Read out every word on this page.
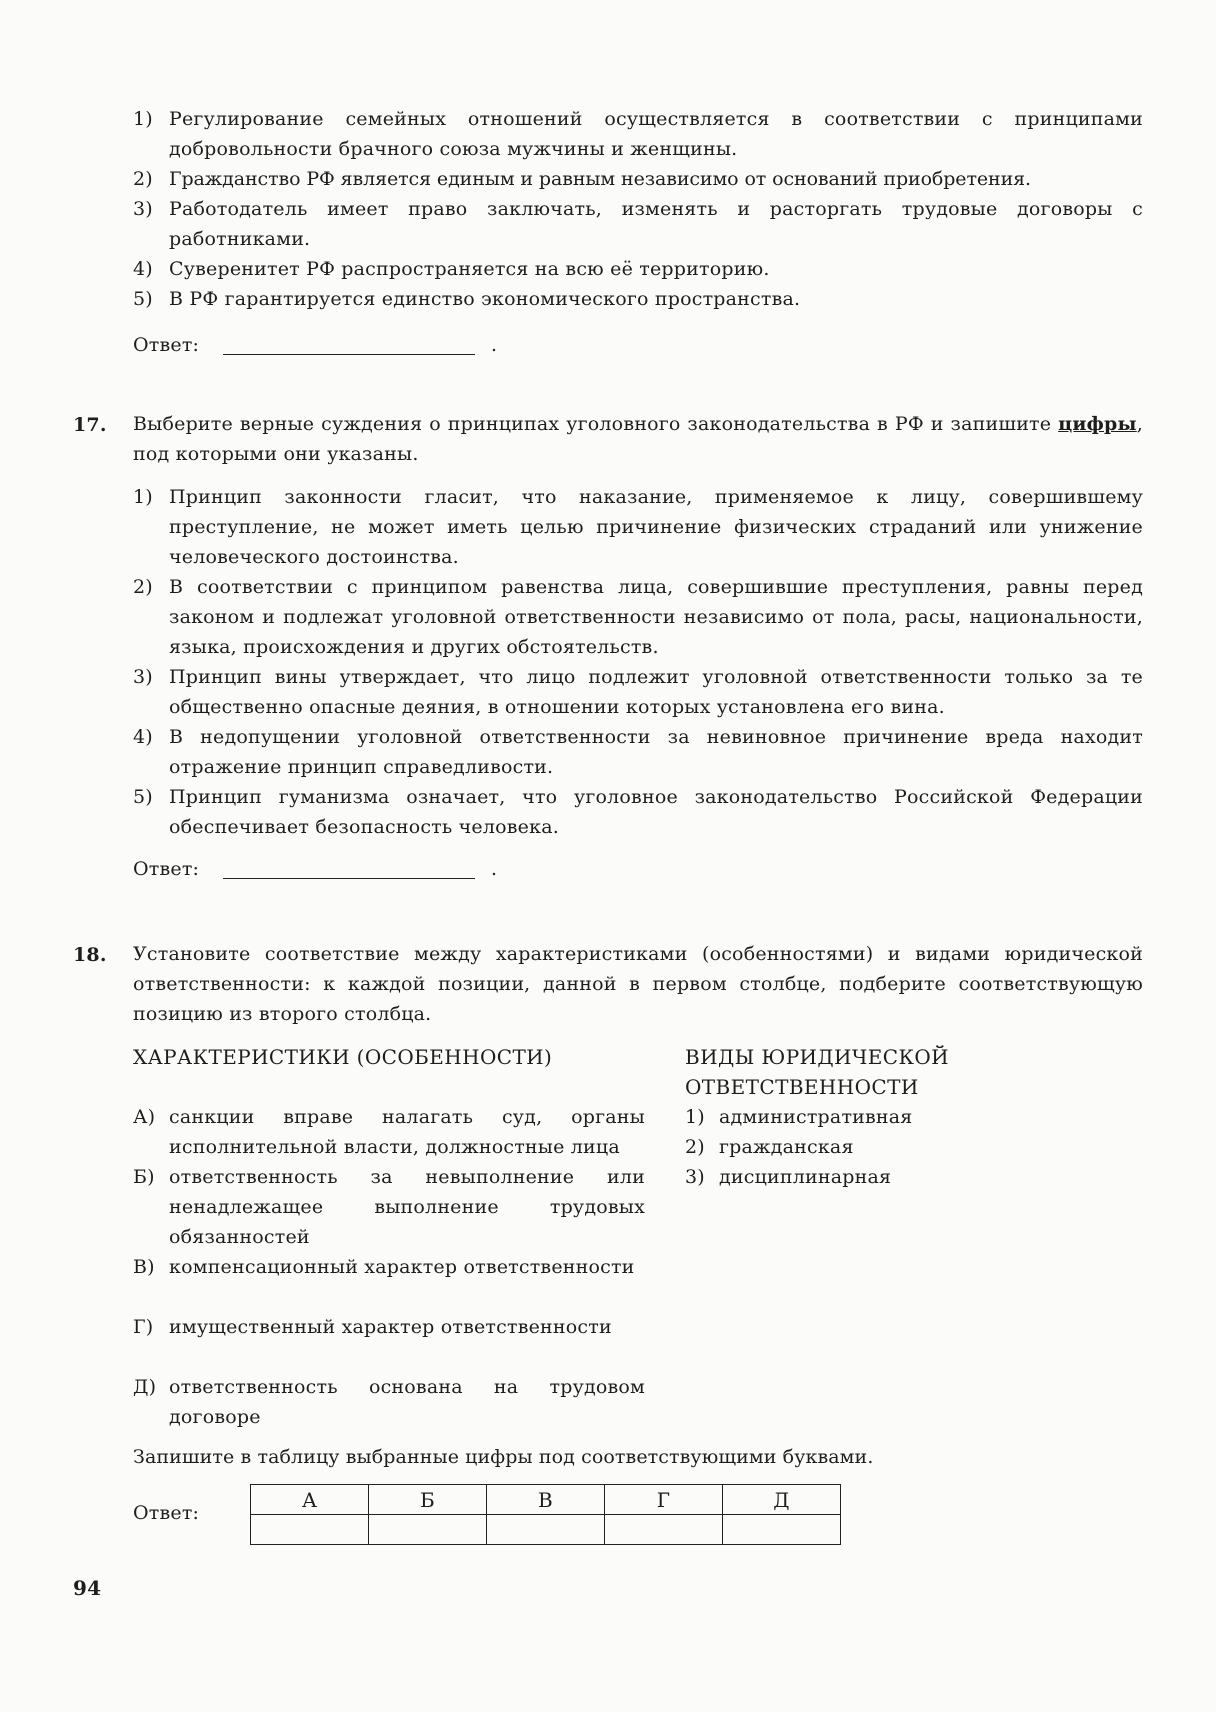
1) Регулирование семейных отношений осуществляется в соответствии с принципами добровольности брачного союза мужчины и женщины.
2) Гражданство РФ является единым и равным независимо от оснований приобретения.
3) Работодатель имеет право заключать, изменять и расторгать трудовые договоры с работниками.
4) Суверенитет РФ распространяется на всю её территорию.
5) В РФ гарантируется единство экономического пространства.
Ответ:	.
17. Выберите верные суждения о принципах уголовного законодательства в РФ и запишите цифры, под которыми они указаны.
1) Принцип законности гласит, что наказание, применяемое к лицу, совершившему преступление, не может иметь целью причинение физических страданий или унижение человеческого достоинства.
2) В соответствии с принципом равенства лица, совершившие преступления, равны перед законом и подлежат уголовной ответственности независимо от пола, расы, национальности, языка, происхождения и других обстоятельств.
3) Принцип вины утверждает, что лицо подлежит уголовной ответственности только за те общественно опасные деяния, в отношении которых установлена его вина.
4) В недопущении уголовной ответственности за невиновное причинение вреда находит отражение принцип справедливости.
5) Принцип гуманизма означает, что уголовное законодательство Российской Федерации обеспечивает безопасность человека.
Ответ:	.
18. Установите соответствие между характеристиками (особенностями) и видами юридической ответственности: к каждой позиции, данной в первом столбце, подберите соответствующую позицию из второго столбца.
ХАРАКТЕРИСТИКИ (ОСОБЕННОСТИ)	ВИДЫ ЮРИДИЧЕСКОЙ
ОТВЕТСТВЕННОСТИ
А) санкции вправе налагать суд, органы исполнительной власти, должностные лица
Б) ответственность за невыполнение или ненадлежащее выполнение трудовых обязанностей
В) компенсационный характер ответственности
Г) имущественный характер ответственности
Д) ответственность основана на трудовом договоре
1) административная
2) гражданская
3) дисциплинарная
Запишите в таблицу выбранные цифры под соответствующими буквами.
Ответ:
А	Б	В	Г	Д

94
